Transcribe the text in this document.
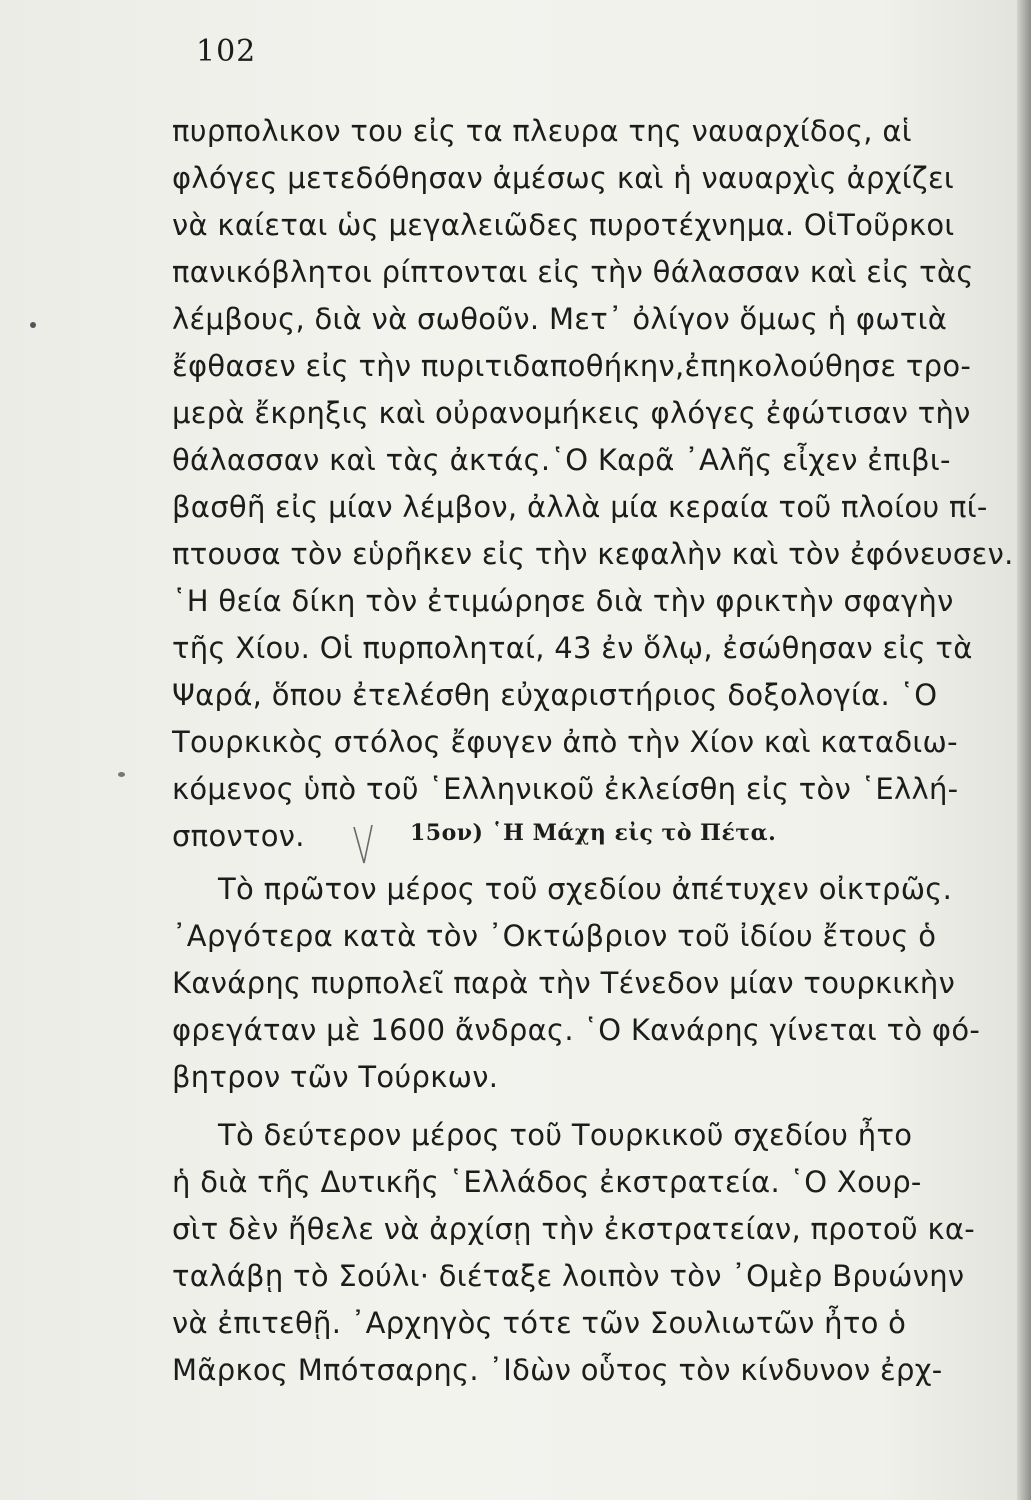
102
πυρπολικον του εἰς τα πλευρα της ναυαρχίδος, αἱ
φλόγες μετεδόθησαν ἀμέσως καὶ ἡ ναυαρχὶς ἀρχίζει
νὰ καίεται ὡς μεγαλειῶδες πυροτέχνημα. ΟἱΤοῦρκοι
πανικόβλητοι ρίπτονται εἰς τὴν θάλασσαν καὶ εἰς τὰς
λέμβους, διὰ νὰ σωθοῦν. Μετ᾽ ὀλίγον ὅμως ἡ φωτιὰ
ἔφθασεν εἰς τὴν πυριτιδαποθήκην,ἐπηκολούθησε τρο-
μερὰ ἔκρηξις καὶ οὐρανομήκεις φλόγες ἐφώτισαν τὴν
θάλασσαν καὶ τὰς ἀκτάς.῾Ο Καρᾶ ᾿Αλῆς εἶχεν ἐπιβι-
βασθῆ εἰς μίαν λέμβον, ἀλλὰ μία κεραία τοῦ πλοίου πί-
πτουσα τὸν εὑρῆκεν εἰς τὴν κεφαλὴν καὶ τὸν ἐφόνευσεν.
῾Η θεία δίκη τὸν ἐτιμώρησε διὰ τὴν φρικτὴν σφαγὴν
τῆς Χίου. Οἱ πυρποληταί, 43 ἐν ὅλῳ, ἐσώθησαν εἰς τὰ
Ψαρά, ὅπου ἐτελέσθη εὐχαριστήριος δοξολογία. ῾Ο
Τουρκικὸς στόλος ἔφυγεν ἀπὸ τὴν Χίον καὶ καταδιω-
κόμενος ὑπὸ τοῦ ῾Ελληνικοῦ ἐκλείσθη εἰς τὸν ῾Ελλή-
σποντον.
Τὸ πρῶτον μέρος τοῦ σχεδίου ἀπέτυχεν οἰκτρῶς.
᾿Αργότερα κατὰ τὸν ᾿Οκτώβριον τοῦ ἰδίου ἔτους ὁ
Κανάρης πυρπολεῖ παρὰ τὴν Τένεδον μίαν τουρκικὴν
φρεγάταν μὲ 1600 ἄνδρας. ῾Ο Κανάρης γίνεται τὸ φό-
βητρον τῶν Τούρκων.
15ον) ῾Η Μάχη εἰς τὸ Πέτα.
Τὸ δεύτερον μέρος τοῦ Τουρκικοῦ σχεδίου ἦτο
ἡ διὰ τῆς Δυτικῆς ῾Ελλάδος ἐκστρατεία. ῾Ο Χουρ-
σὶτ δὲν ἤθελε νὰ ἀρχίσῃ τὴν ἐκστρατείαν, προτοῦ κα-
ταλάβῃ τὸ Σούλι· διέταξε λοιπὸν τὸν ᾿Ομὲρ Βρυώνην
νὰ ἐπιτεθῇ. ᾿Αρχηγὸς τότε τῶν Σουλιωτῶν ἦτο ὁ
Μᾶρκος Μπότσαρης. ᾿Ιδὼν οὗτος τὸν κίνδυνον ἐρχ-
